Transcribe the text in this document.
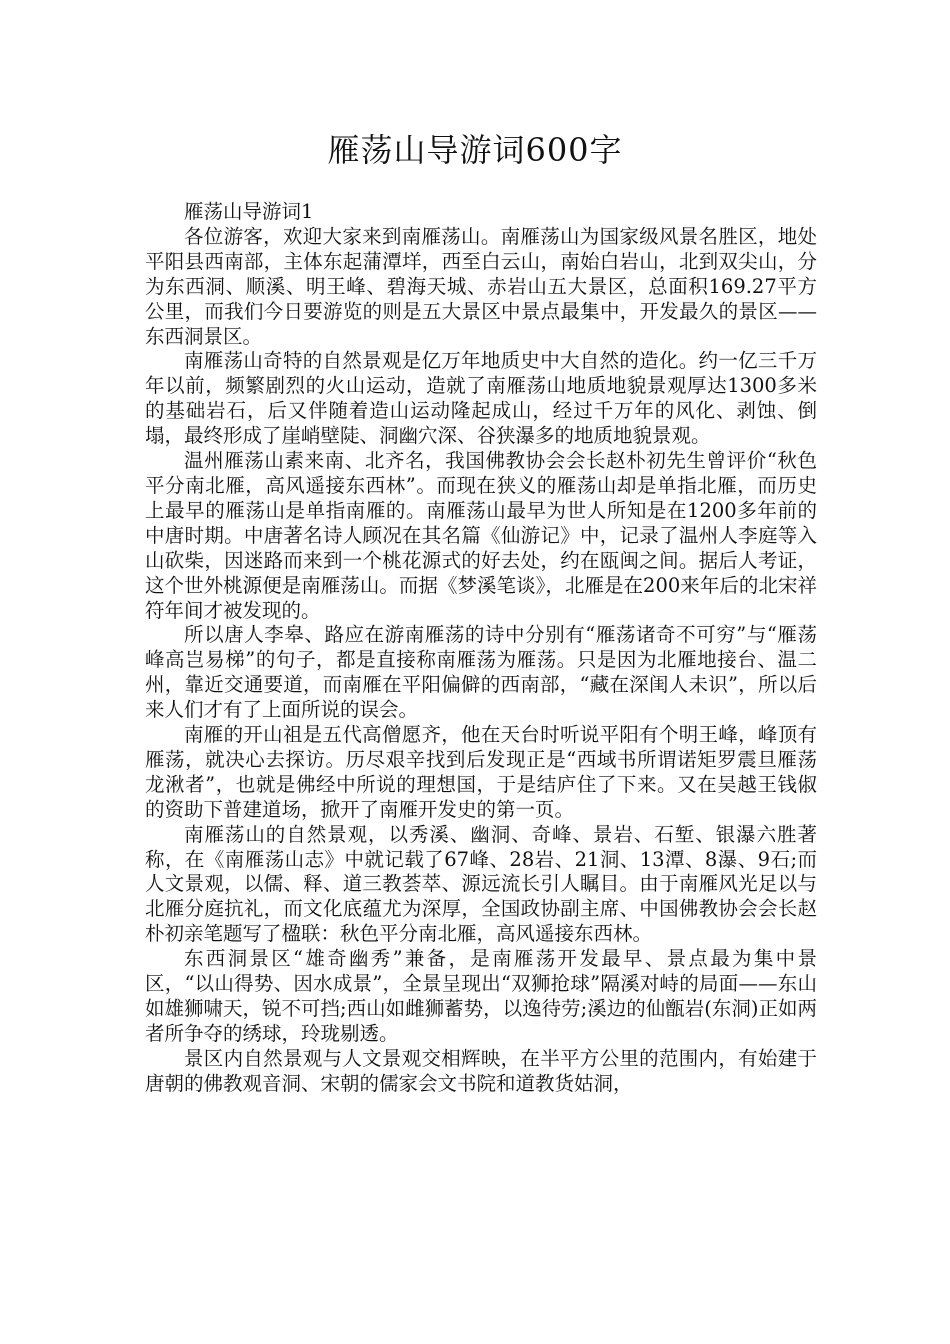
雁荡山导游词600字

雁荡山导游词1

各位游客，欢迎大家来到南雁荡山。南雁荡山为国家级风景名胜区，地处平阳县西南部，主体东起蒲潭垟，西至白云山，南始白岩山，北到双尖山，分为东西洞、顺溪、明王峰、碧海天城、赤岩山五大景区，总面积169.27平方公里，而我们今日要游览的则是五大景区中景点最集中，开发最久的景区——东西洞景区。

南雁荡山奇特的自然景观是亿万年地质史中大自然的造化。约一亿三千万年以前，频繁剧烈的火山运动，造就了南雁荡山地质地貌景观厚达1300多米的基础岩石，后又伴随着造山运动隆起成山，经过千万年的风化、剥蚀、倒塌，最终形成了崖峭壁陡、洞幽穴深、谷狭瀑多的地质地貌景观。

温州雁荡山素来南、北齐名，我国佛教协会会长赵朴初先生曾评价“秋色平分南北雁，高风遥接东西林”。而现在狭义的雁荡山却是单指北雁，而历史上最早的雁荡山是单指南雁的。南雁荡山最早为世人所知是在1200多年前的中唐时期。中唐著名诗人顾况在其名篇《仙游记》中，记录了温州人李庭等入山砍柴，因迷路而来到一个桃花源式的好去处，约在瓯闽之间。据后人考证，这个世外桃源便是南雁荡山。而据《梦溪笔谈》，北雁是在200来年后的北宋祥符年间才被发现的。

所以唐人李皋、路应在游南雁荡的诗中分别有“雁荡诸奇不可穷”与“雁荡峰高岂易梯”的句子，都是直接称南雁荡为雁荡。只是因为北雁地接台、温二州，靠近交通要道，而南雁在平阳偏僻的西南部，“藏在深闺人未识”，所以后来人们才有了上面所说的误会。

南雁的开山祖是五代高僧愿齐，他在天台时听说平阳有个明王峰，峰顶有雁荡，就决心去探访。历尽艰辛找到后发现正是“西域书所谓诺矩罗震旦雁荡龙湫者”，也就是佛经中所说的理想国，于是结庐住了下来。又在吴越王钱俶的资助下普建道场，掀开了南雁开发史的第一页。

南雁荡山的自然景观，以秀溪、幽洞、奇峰、景岩、石堑、银瀑六胜著称，在《南雁荡山志》中就记载了67峰、28岩、21洞、13潭、8瀑、9石;而人文景观，以儒、释、道三教荟萃、源远流长引人瞩目。由于南雁风光足以与北雁分庭抗礼，而文化底蕴尤为深厚，全国政协副主席、中国佛教协会会长赵朴初亲笔题写了楹联：秋色平分南北雁，高风遥接东西林。

东西洞景区“雄奇幽秀”兼备，是南雁荡开发最早、景点最为集中景区，“以山得势、因水成景”，全景呈现出“双狮抢球”隔溪对峙的局面——东山如雄狮啸天，锐不可挡;西山如雌狮蓄势，以逸待劳;溪边的仙甑岩(东洞)正如两者所争夺的绣球，玲珑剔透。

景区内自然景观与人文景观交相辉映，在半平方公里的范围内，有始建于唐朝的佛教观音洞、宋朝的儒家会文书院和道教货姑洞，
